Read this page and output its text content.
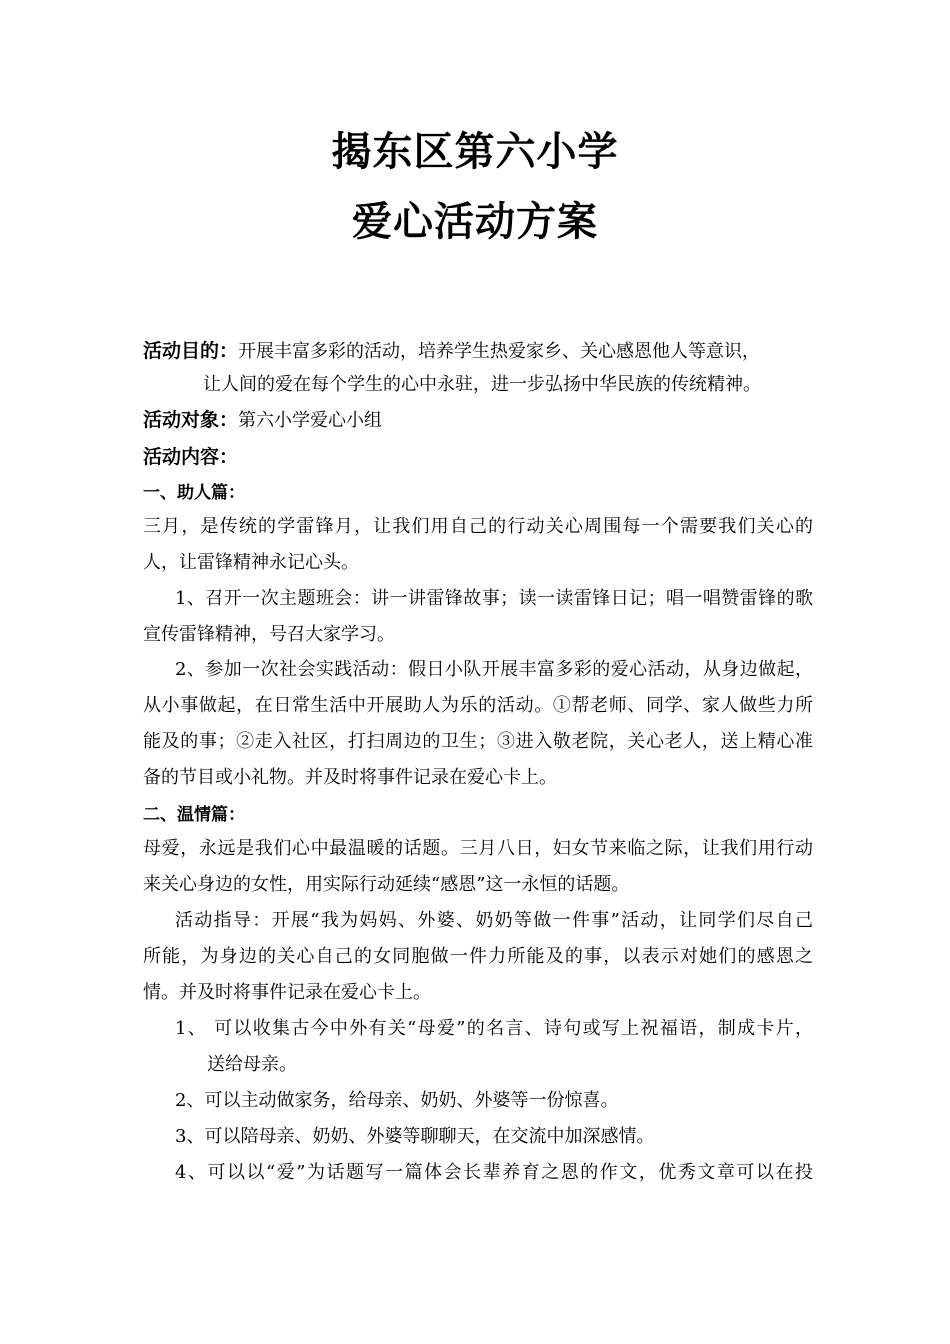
揭东区第六小学
爱心活动方案
活动目的：开展丰富多彩的活动，培养学生热爱家乡、关心感恩他人等意识，
让人间的爱在每个学生的心中永驻，进一步弘扬中华民族的传统精神。
活动对象：第六小学爱心小组
活动内容：
一、助人篇：
三月，是传统的学雷锋月，让我们用自己的行动关心周围每一个需要我们关心的
人，让雷锋精神永记心头。
1、召开一次主题班会：讲一讲雷锋故事；读一读雷锋日记；唱一唱赞雷锋的歌
宣传雷锋精神，号召大家学习。
2、参加一次社会实践活动：假日小队开展丰富多彩的爱心活动，从身边做起，
从小事做起，在日常生活中开展助人为乐的活动。①帮老师、同学、家人做些力所
能及的事；②走入社区，打扫周边的卫生；③进入敬老院，关心老人，送上精心准
备的节目或小礼物。并及时将事件记录在爱心卡上。
二、温情篇：
母爱，永远是我们心中最温暖的话题。三月八日，妇女节来临之际，让我们用行动
来关心身边的女性，用实际行动延续“感恩”这一永恒的话题。
活动指导：开展“我为妈妈、外婆、奶奶等做一件事”活动，让同学们尽自己
所能，为身边的关心自己的女同胞做一件力所能及的事，以表示对她们的感恩之
情。并及时将事件记录在爱心卡上。
1、 可以收集古今中外有关“母爱”的名言、诗句或写上祝福语，制成卡片，
送给母亲。
2、可以主动做家务，给母亲、奶奶、外婆等一份惊喜。
3、可以陪母亲、奶奶、外婆等聊聊天，在交流中加深感情。
4、可以以“爱”为话题写一篇体会长辈养育之恩的作文，优秀文章可以在投
